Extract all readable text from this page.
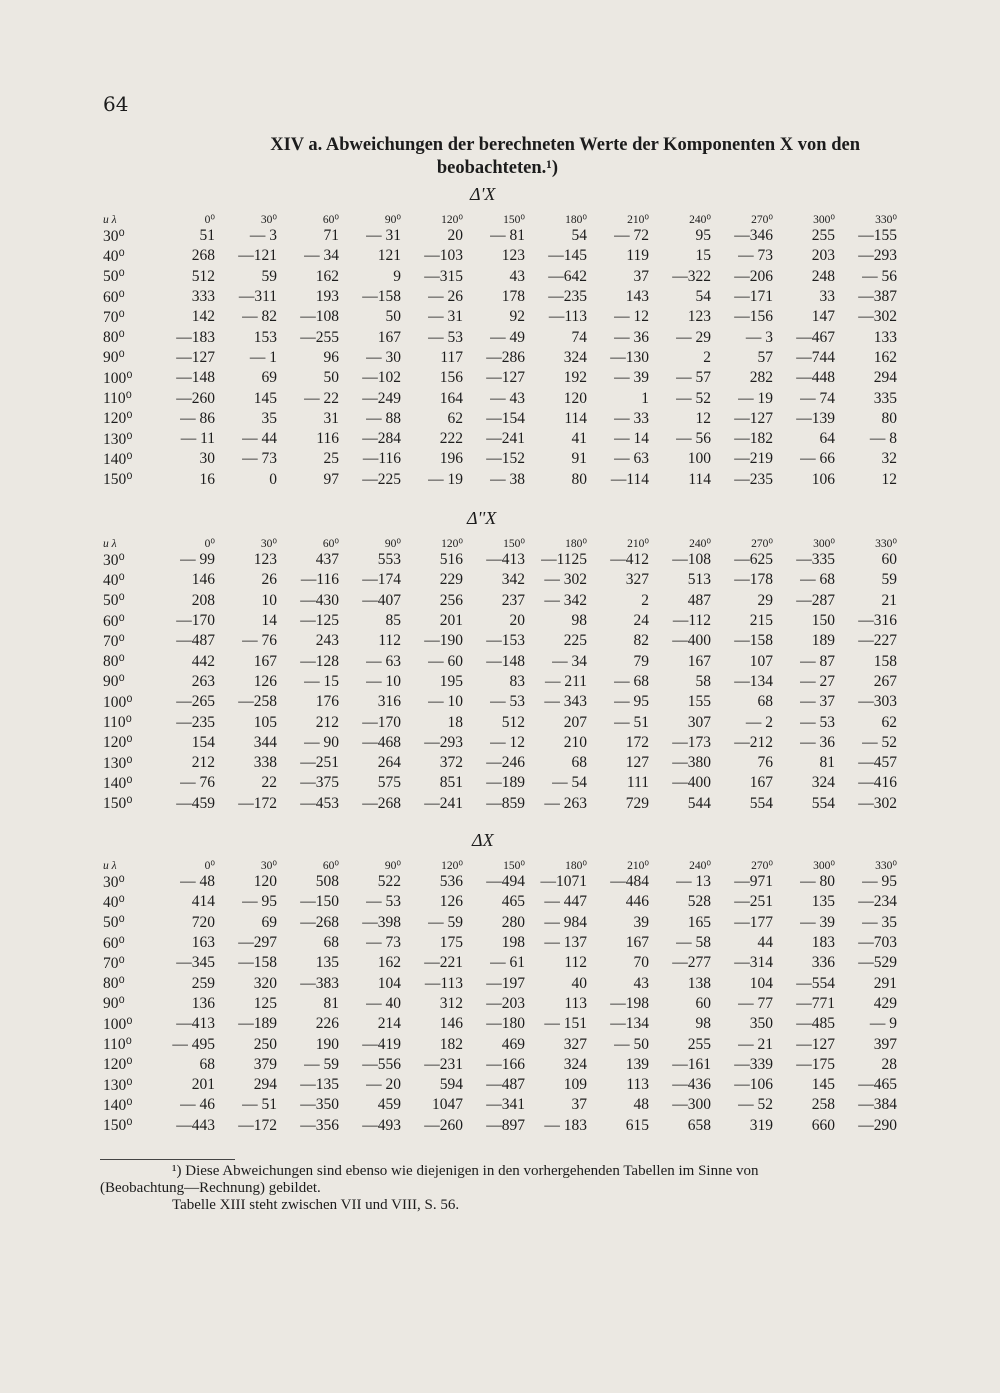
64
XIV a. Abweichungen der berechneten Werte der Komponenten X von den
beobachteten.¹)
Δ'X
u λ	0⁰	30⁰	60⁰	90⁰	120⁰	150⁰	180⁰	210⁰	240⁰	270⁰	300⁰	330⁰
30⁰	51	— 3	71	— 31	20	— 81	54	— 72	95	—346	255	—155
40⁰	268	—121	— 34	121	—103	123	—145	119	15	— 73	203	—293
50⁰	512	59	162	9	—315	43	—642	37	—322	—206	248	— 56
60⁰	333	—311	193	—158	— 26	178	—235	143	54	—171	33	—387
70⁰	142	— 82	—108	50	— 31	92	—113	— 12	123	—156	147	—302
80⁰	—183	153	—255	167	— 53	— 49	74	— 36	— 29	— 3	—467	133
90⁰	—127	— 1	96	— 30	117	—286	324	—130	2	57	—744	162
100⁰	—148	69	50	—102	156	—127	192	— 39	— 57	282	—448	294
110⁰	—260	145	— 22	—249	164	— 43	120	1	— 52	— 19	— 74	335
120⁰	— 86	35	31	— 88	62	—154	114	— 33	12	—127	—139	80
130⁰	— 11	— 44	116	—284	222	—241	41	— 14	— 56	—182	64	— 8
140⁰	30	— 73	25	—116	196	—152	91	— 63	100	—219	— 66	32
150⁰	16	0	97	—225	— 19	— 38	80	—114	114	—235	106	12
Δ''X
u λ	0⁰	30⁰	60⁰	90⁰	120⁰	150⁰	180⁰	210⁰	240⁰	270⁰	300⁰	330⁰
30⁰	— 99	123	437	553	516	—413	—1125	—412	—108	—625	—335	60
40⁰	146	26	—116	—174	229	342	— 302	327	513	—178	— 68	59
50⁰	208	10	—430	—407	256	237	— 342	2	487	29	—287	21
60⁰	—170	14	—125	85	201	20	98	24	—112	215	150	—316
70⁰	—487	— 76	243	112	—190	—153	225	82	—400	—158	189	—227
80⁰	442	167	—128	— 63	— 60	—148	— 34	79	167	107	— 87	158
90⁰	263	126	— 15	— 10	195	83	— 211	— 68	58	—134	— 27	267
100⁰	—265	—258	176	316	— 10	— 53	— 343	— 95	155	68	— 37	—303
110⁰	—235	105	212	—170	18	512	207	— 51	307	— 2	— 53	62
120⁰	154	344	— 90	—468	—293	— 12	210	172	—173	—212	— 36	— 52
130⁰	212	338	—251	264	372	—246	68	127	—380	76	81	—457
140⁰	— 76	22	—375	575	851	—189	— 54	111	—400	167	324	—416
150⁰	—459	—172	—453	—268	—241	—859	— 263	729	544	554	554	—302
ΔX
u λ	0⁰	30⁰	60⁰	90⁰	120⁰	150⁰	180⁰	210⁰	240⁰	270⁰	300⁰	330⁰
30⁰	— 48	120	508	522	536	—494	—1071	—484	— 13	—971	— 80	— 95
40⁰	414	— 95	—150	— 53	126	465	— 447	446	528	—251	135	—234
50⁰	720	69	—268	—398	— 59	280	— 984	39	165	—177	— 39	— 35
60⁰	163	—297	68	— 73	175	198	— 137	167	— 58	44	183	—703
70⁰	—345	—158	135	162	—221	— 61	112	70	—277	—314	336	—529
80⁰	259	320	—383	104	—113	—197	40	43	138	104	—554	291
90⁰	136	125	81	— 40	312	—203	113	—198	60	— 77	—771	429
100⁰	—413	—189	226	214	146	—180	— 151	—134	98	350	—485	— 9
110⁰	— 495	250	190	—419	182	469	327	— 50	255	— 21	—127	397
120⁰	68	379	— 59	—556	—231	—166	324	139	—161	—339	—175	28
130⁰	201	294	—135	— 20	594	—487	109	113	—436	—106	145	—465
140⁰	— 46	— 51	—350	459	1047	—341	37	48	—300	— 52	258	—384
150⁰	—443	—172	—356	—493	—260	—897	— 183	615	658	319	660	—290
¹) Diese Abweichungen sind ebenso wie diejenigen in den vorhergehenden Tabellen im Sinne von
(Beobachtung—Rechnung) gebildet.
Tabelle XIII steht zwischen VII und VIII, S. 56.
